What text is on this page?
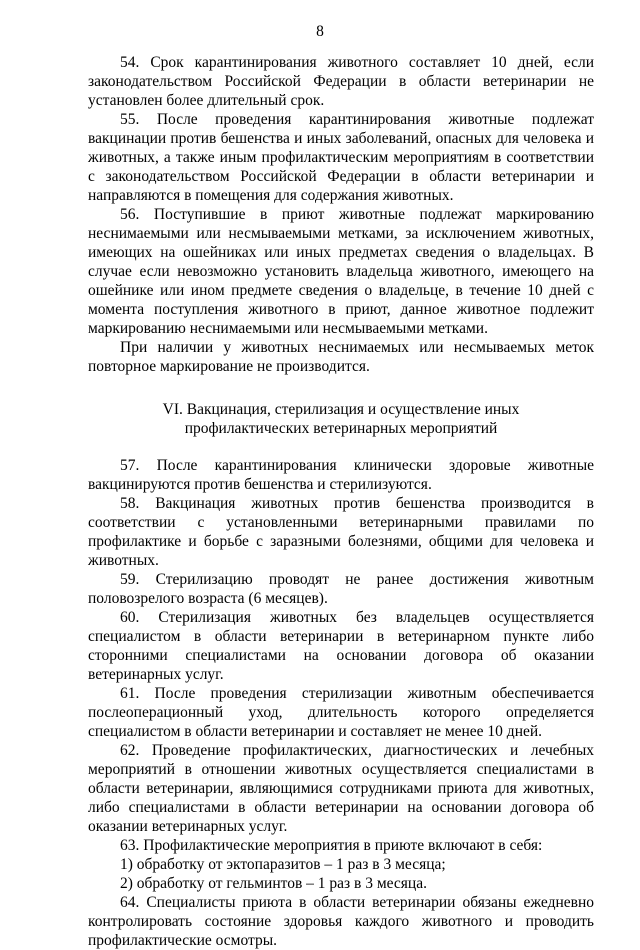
8

54. Срок карантинирования животного составляет 10 дней, если законодательством Российской Федерации в области ветеринарии не установлен более длительный срок.

55. После проведения карантинирования животные подлежат вакцинации против бешенства и иных заболеваний, опасных для человека и животных, а также иным профилактическим мероприятиям в соответствии с законодательством Российской Федерации в области ветеринарии и направляются в помещения для содержания животных.

56. Поступившие в приют животные подлежат маркированию неснимаемыми или несмываемыми метками, за исключением животных, имеющих на ошейниках или иных предметах сведения о владельцах. В случае если невозможно установить владельца животного, имеющего на ошейнике или ином предмете сведения о владельце, в течение 10 дней с момента поступления животного в приют, данное животное подлежит маркированию неснимаемыми или несмываемыми метками.

При наличии у животных неснимаемых или несмываемых меток повторное маркирование не производится.

VI. Вакцинация, стерилизация и осуществление иных профилактических ветеринарных мероприятий

57. После карантинирования клинически здоровые животные вакцинируются против бешенства и стерилизуются.

58. Вакцинация животных против бешенства производится в соответствии с установленными ветеринарными правилами по профилактике и борьбе с заразными болезнями, общими для человека и животных.

59. Стерилизацию проводят не ранее достижения животным половозрелого возраста (6 месяцев).

60. Стерилизация животных без владельцев осуществляется специалистом в области ветеринарии в ветеринарном пункте либо сторонними специалистами на основании договора об оказании ветеринарных услуг.

61. После проведения стерилизации животным обеспечивается послеоперационный уход, длительность которого определяется специалистом в области ветеринарии и составляет не менее 10 дней.

62. Проведение профилактических, диагностических и лечебных мероприятий в отношении животных осуществляется специалистами в области ветеринарии, являющимися сотрудниками приюта для животных, либо специалистами в области ветеринарии на основании договора об оказании ветеринарных услуг.

63. Профилактические мероприятия в приюте включают в себя:

1) обработку от эктопаразитов – 1 раз в 3 месяца;

2) обработку от гельминтов – 1 раз в 3 месяца.

64. Специалисты приюта в области ветеринарии обязаны ежедневно контролировать состояние здоровья каждого животного и проводить профилактические осмотры.
